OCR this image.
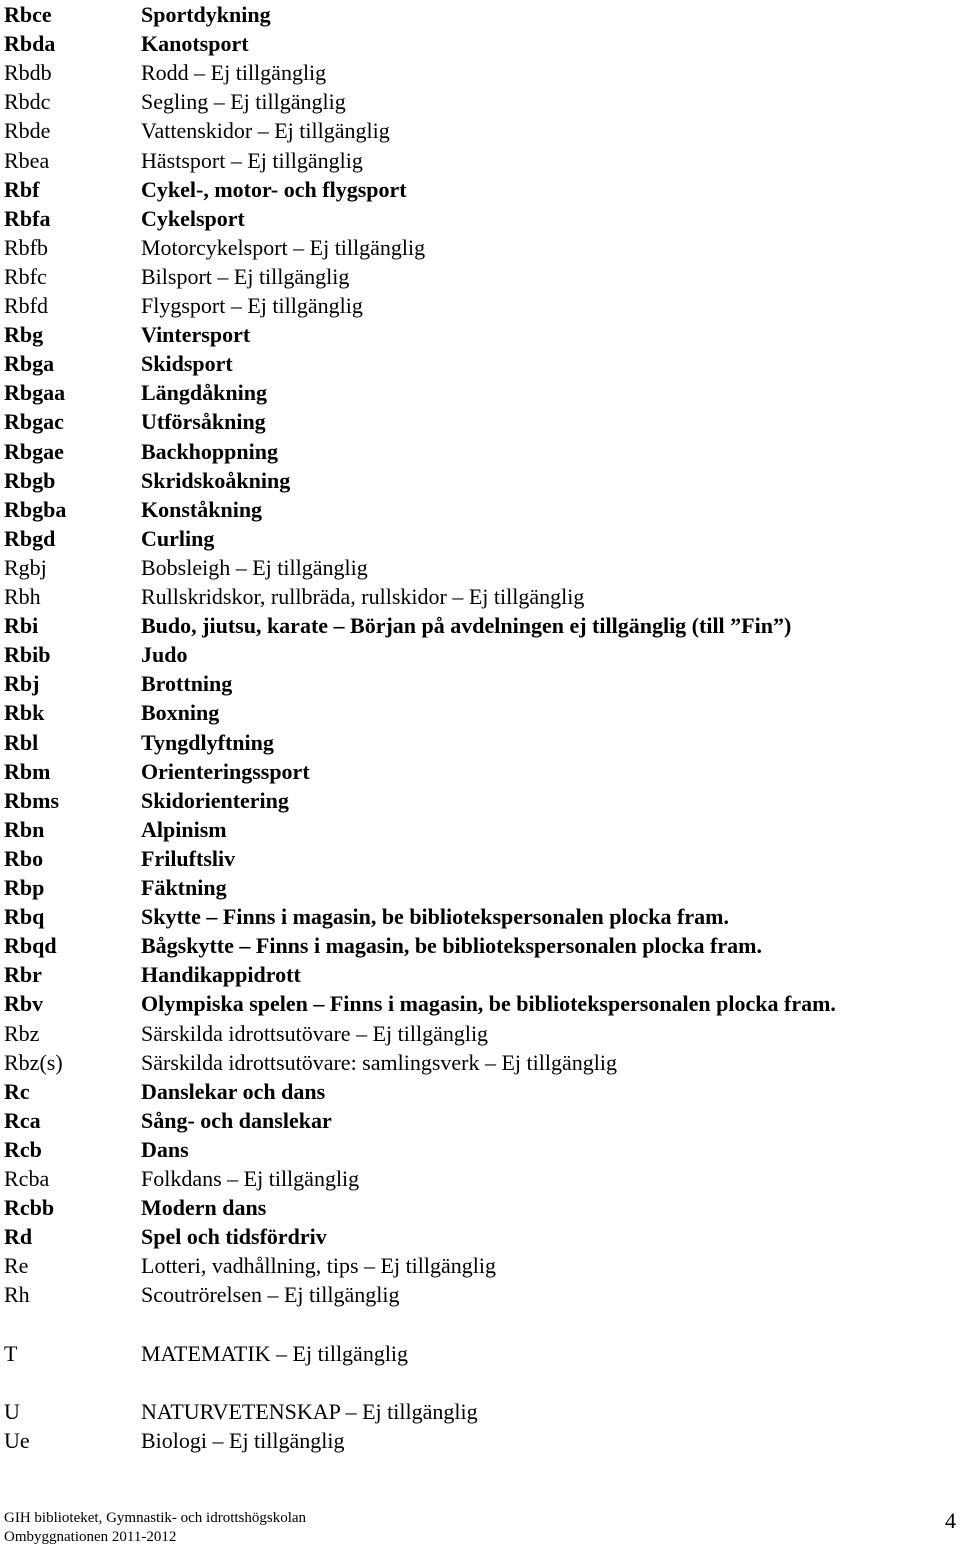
Rbce	Sportdykning
Rbda	Kanotsport
Rbdb	Rodd – Ej tillgänglig
Rbdc	Segling – Ej tillgänglig
Rbde	Vattenskidor – Ej tillgänglig
Rbea	Hästsport – Ej tillgänglig
Rbf	Cykel-, motor- och flygsport
Rbfa	Cykelsport
Rbfb	Motorcykelsport – Ej tillgänglig
Rbfc	Bilsport – Ej tillgänglig
Rbfd	Flygsport – Ej tillgänglig
Rbg	Vintersport
Rbga	Skidsport
Rbgaa	Längdåkning
Rbgac	Utförsåkning
Rbgae	Backhoppning
Rbgb	Skridskoåkning
Rbgba	Konståkning
Rbgd	Curling
Rgbj	Bobsleigh – Ej tillgänglig
Rbh	Rullskridskor, rullbräda, rullskidor – Ej tillgänglig
Rbi	Budo, jiutsu, karate – Början på avdelningen ej tillgänglig (till ”Fin”)
Rbib	Judo
Rbj	Brottning
Rbk	Boxning
Rbl	Tyngdlyftning
Rbm	Orienteringssport
Rbms	Skidorientering
Rbn	Alpinism
Rbo	Friluftsliv
Rbp	Fäktning
Rbq	Skytte – Finns i magasin, be bibliotekspersonalen plocka fram.
Rbqd	Bågskytte – Finns i magasin, be bibliotekspersonalen plocka fram.
Rbr	Handikappidrott
Rbv	Olympiska spelen – Finns i magasin, be bibliotekspersonalen plocka fram.
Rbz	Särskilda idrottsutövare – Ej tillgänglig
Rbz(s)	Särskilda idrottsutövare: samlingsverk – Ej tillgänglig
Rc	Danslekar och dans
Rca	Sång- och danslekar
Rcb	Dans
Rcba	Folkdans – Ej tillgänglig
Rcbb	Modern dans
Rd	Spel och tidsfördriv
Re	Lotteri, vadhållning, tips – Ej tillgänglig
Rh	Scoutrörelsen – Ej tillgänglig
T	MATEMATIK – Ej tillgänglig
U	NATURVETENSKAP – Ej tillgänglig
Ue	Biologi – Ej tillgänglig
GIH biblioteket, Gymnastik- och idrottshögskolan
Ombyggnationen 2011-2012
4
